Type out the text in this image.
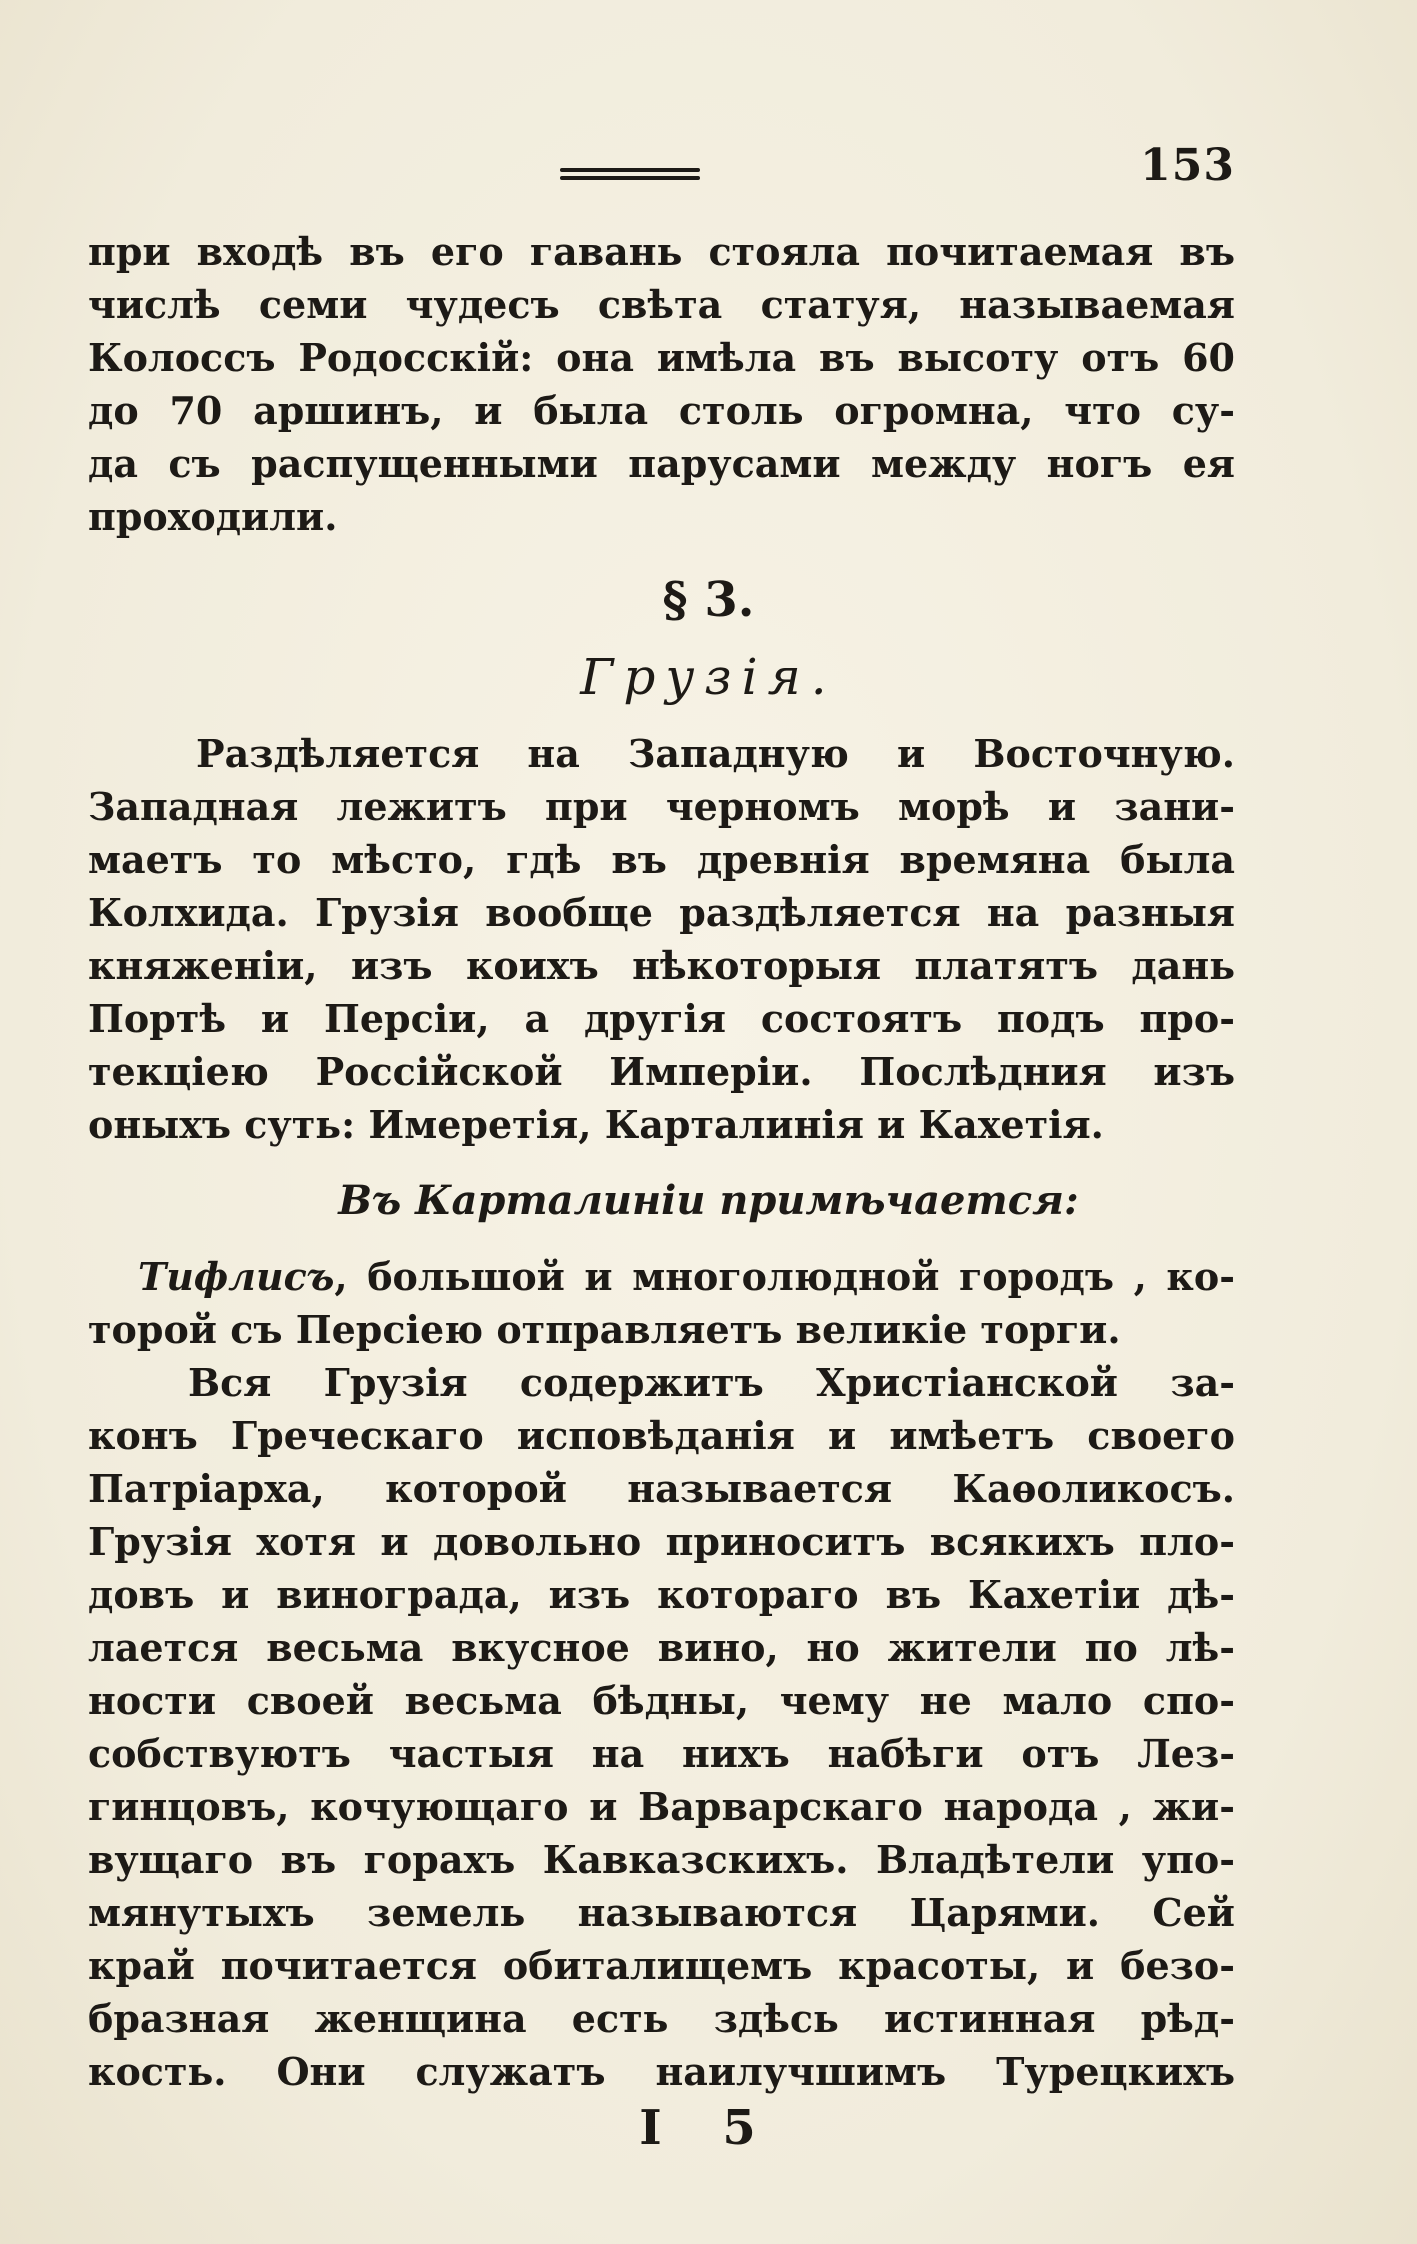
153
при входѣ въ его гавань стояла почитаемая въ
числѣ семи чудесъ свѣта статуя, называемая
Колоссъ Родосскій: она имѣла въ высоту отъ 60
до 70 аршинъ, и была столь огромна, что су-
да съ распущенными парусами между ногъ ея
проходили.
§ 3.
Грузія.
Раздѣляется на Западную и Восточную.
Западная лежитъ при черномъ морѣ и зани-
маетъ то мѣсто, гдѣ въ древнія времяна была
Колхида. Грузія вообще раздѣляется на разныя
княженіи, изъ коихъ нѣкоторыя платятъ дань
Портѣ и Персіи, а другія состоятъ подъ про-
текціею Россійской Имперіи. Послѣдния изъ
оныхъ суть: Имеретія, Карталинія и Кахетія.
Въ Карталиніи примѣчается:
Тифлисъ, большой и многолюдной городъ , ко-
торой съ Персіею отправляетъ великіе торги.
Вся Грузія содержитъ Христіанской за-
конъ Греческаго исповѣданія и имѣетъ своего
Патріарха, которой называется Каѳоликосъ.
Грузія хотя и довольно приноситъ всякихъ пло-
довъ и винограда, изъ котораго въ Кахетіи дѣ-
лается весьма вкусное вино, но жители по лѣ-
ности своей весьма бѣдны, чему не мало спо-
собствуютъ частыя на нихъ набѣги отъ Лез-
гинцовъ, кочующаго и Варварскаго народа , жи-
вущаго въ горахъ Кавказскихъ. Владѣтели упо-
мянутыхъ земель называются Царями. Сей
край почитается обиталищемъ красоты, и безо-
бразная женщина есть здѣсь истинная рѣд-
кость. Они служатъ наилучшимъ Турецкихъ
I 5
